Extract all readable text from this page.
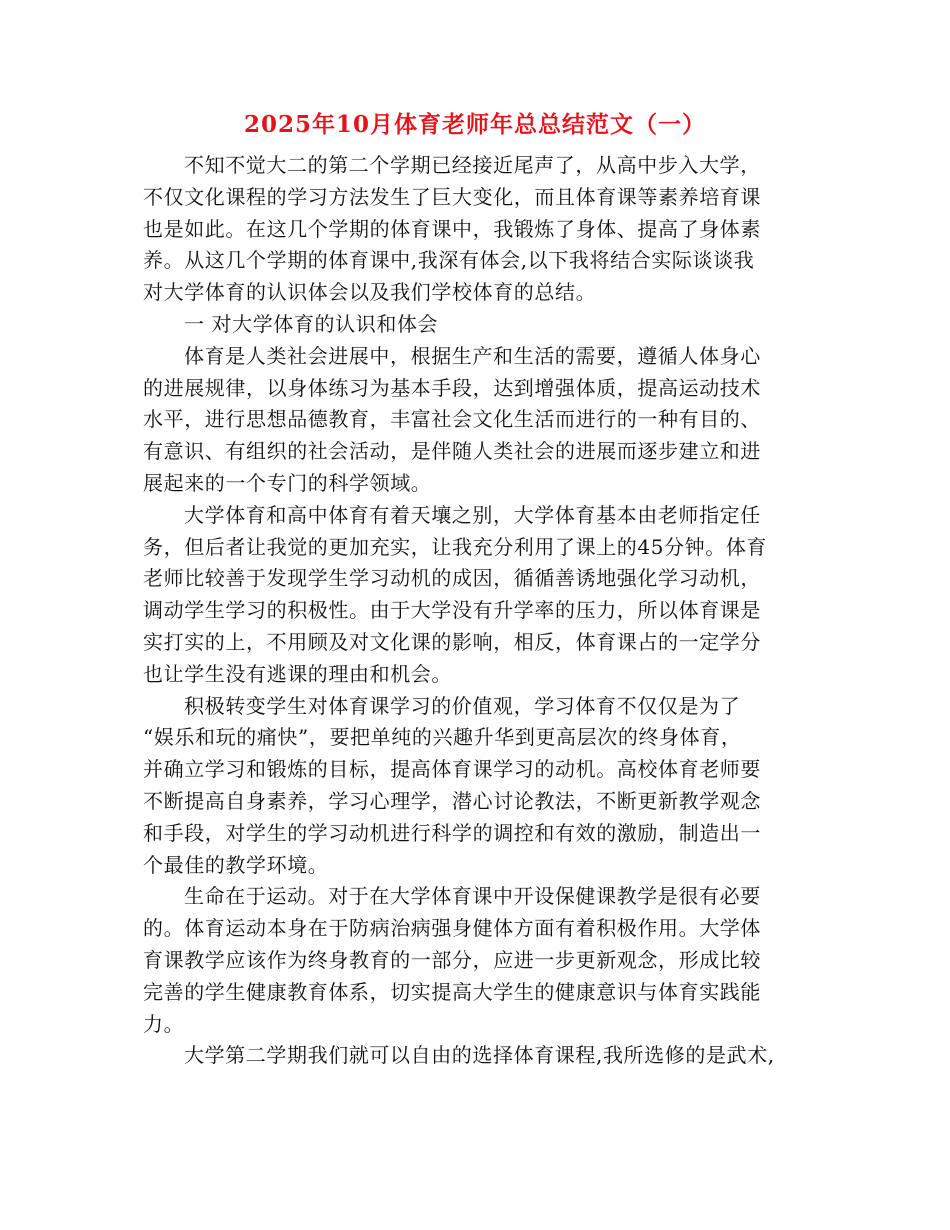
2025年10月体育老师年总总结范文（一）
不知不觉大二的第二个学期已经接近尾声了，从高中步入大学，
不仅文化课程的学习方法发生了巨大变化，而且体育课等素养培育课
也是如此。在这几个学期的体育课中，我锻炼了身体、提高了身体素
养。从这几个学期的体育课中,我深有体会,以下我将结合实际谈谈我
对大学体育的认识体会以及我们学校体育的总结。
一 对大学体育的认识和体会
体育是人类社会进展中，根据生产和生活的需要，遵循人体身心
的进展规律，以身体练习为基本手段，达到增强体质，提高运动技术
水平，进行思想品德教育，丰富社会文化生活而进行的一种有目的、
有意识、有组织的社会活动，是伴随人类社会的进展而逐步建立和进
展起来的一个专门的科学领域。
大学体育和高中体育有着天壤之别，大学体育基本由老师指定任
务，但后者让我觉的更加充实，让我充分利用了课上的45分钟。体育
老师比较善于发现学生学习动机的成因，循循善诱地强化学习动机，
调动学生学习的积极性。由于大学没有升学率的压力，所以体育课是
实打实的上，不用顾及对文化课的影响，相反，体育课占的一定学分
也让学生没有逃课的理由和机会。
积极转变学生对体育课学习的价值观，学习体育不仅仅是为了
“娱乐和玩的痛快”，要把单纯的兴趣升华到更高层次的终身体育，
并确立学习和锻炼的目标，提高体育课学习的动机。高校体育老师要
不断提高自身素养，学习心理学，潜心讨论教法，不断更新教学观念
和手段，对学生的学习动机进行科学的调控和有效的激励，制造出一
个最佳的教学环境。
生命在于运动。对于在大学体育课中开设保健课教学是很有必要
的。体育运动本身在于防病治病强身健体方面有着积极作用。大学体
育课教学应该作为终身教育的一部分，应进一步更新观念，形成比较
完善的学生健康教育体系，切实提高大学生的健康意识与体育实践能
力。
大学第二学期我们就可以自由的选择体育课程,我所选修的是武术,
